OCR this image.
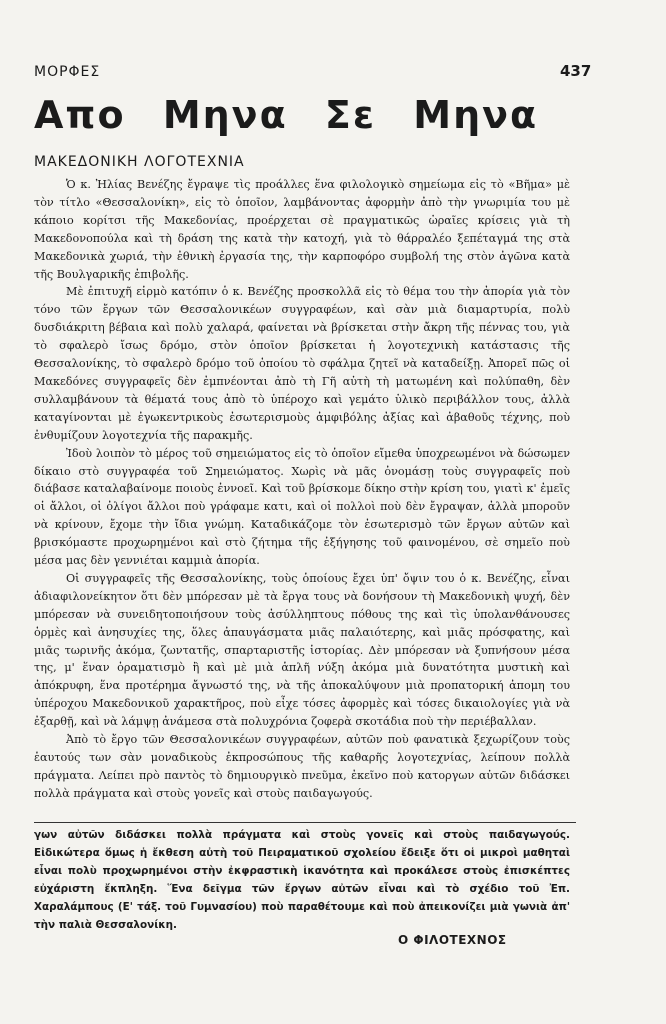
ΜΟΡΦΕΣ	437
Απο Μηνα Σε Μηνα
ΜΑΚΕΔΟΝΙΚΗ ΛΟΓΟΤΕΧΝΙΑ

Ὁ κ. Ἠλίας Βενέζης ἔγραψε τὶς προάλλες ἕνα φιλολογικὸ σημείωμα εἰς τὸ «Βῆμα» μὲ τὸν τίτλο «Θεσσαλονίκη», εἰς τὸ ὁποῖον, λαμβάνοντας ἀφορμὴν ἀπὸ τὴν γνωριμία του μὲ κάποιο κορίτσι τῆς Μακεδονίας, προέρχεται σὲ πραγματικῶς ὡραῖες κρίσεις γιὰ τὴ Μακεδονοπούλα καὶ τὴ δράση της κατὰ τὴν κατοχή, γιὰ τὸ θάρραλέο ξεπέταγμά της στὰ Μακεδονικὰ χωριά, τὴν ἐθνικὴ ἐργασία της, τὴν καρποφόρο συμβολή της στὸν ἀγῶνα κατὰ τῆς Βουλγαρικῆς ἐπιβολῆς.

Μὲ ἐπιτυχῆ εἱρμὸ κατόπιν ὁ κ. Βενέζης προσκολλᾶ εἰς τὸ θέμα του τὴν ἀπορία γιὰ τὸν τόνο τῶν ἔργων τῶν Θεσσαλονικέων συγγραφέων, καὶ σὰν μιὰ διαμαρτυρία, πολὺ δυσδιάκριτη βέβαια καὶ πολὺ χαλαρά, φαίνεται νὰ βρίσκεται στὴν ἄκρη τῆς πέννας του, γιὰ τὸ σφαλερὸ ἴσως δρόμο, στὸν ὁποῖον βρίσκεται ἡ λογοτεχνικὴ κατάστασις τῆς Θεσσαλονίκης, τὸ σφαλερὸ δρόμο τοῦ ὁποίου τὸ σφάλμα ζητεῖ νὰ καταδείξῃ. Ἀπορεῖ πῶς οἱ Μακεδόνες συγγραφεῖς δὲν ἐμπνέονται ἀπὸ τὴ Γῆ αὐτὴ τὴ ματωμένη καὶ πολύπαθη, δὲν συλλαμβάνουν τὰ θέματά τους ἀπὸ τὸ ὑπέροχο καὶ γεμάτο ὑλικὸ περιβάλλον τους, ἀλλὰ καταγίνονται μὲ ἐγωκεντρικοὺς ἐσωτερισμοὺς ἀμφιβόλης ἀξίας καὶ ἀβαθοῦς τέχνης, ποὺ ἐνθυμίζουν λογοτεχνία τῆς παρακμῆς.

Ἰδοὺ λοιπὸν τὸ μέρος τοῦ σημειώματος εἰς τὸ ὁποῖον εἴμεθα ὑποχρεωμένοι νὰ δώσωμεν δίκαιο στὸ συγγραφέα τοῦ Σημειώματος. Χωρὶς νὰ μᾶς ὀνομάσῃ τοὺς συγγραφεῖς ποὺ διάβασε καταλαβαίνομε ποιοὺς ἐννοεῖ. Καὶ τοῦ βρίσκομε δίκηο στὴν κρίση του, γιατὶ κ' ἐμεῖς οἱ ἄλλοι, οἱ ὀλίγοι ἄλλοι ποὺ γράφαμε κατι, καὶ οἱ πολλοὶ ποὺ δὲν ἔγραψαν, ἀλλὰ μποροῦν νὰ κρίνουν, ἔχομε τὴν ἴδια γνώμη. Καταδικάζομε τὸν ἐσωτερισμὸ τῶν ἔργων αὐτῶν καὶ βρισκόμαστε προχωρημένοι καὶ στὸ ζήτημα τῆς ἐξήγησης τοῦ φαινομένου, σὲ σημεῖο ποὺ μέσα μας δὲν γεννιέται καμμιὰ ἀπορία.

Οἱ συγγραφεῖς τῆς Θεσσαλονίκης, τοὺς ὁποίους ἔχει ὑπ' ὄψιν του ὁ κ. Βενέζης, εἶναι ἀδιαφιλονείκητον ὅτι δὲν μπόρεσαν μὲ τὰ ἔργα τους νὰ δονήσουν τὴ Μακεδονικὴ ψυχή, δὲν μπόρεσαν νὰ συνειδητοποιήσουν τοὺς ἀσύλληπτους πόθους της καὶ τὶς ὑπολανθάνουσες ὁρμὲς καὶ ἀνησυχίες της, ὅλες ἀπαυγάσματα μιᾶς παλαιότερης, καὶ μιᾶς πρόσφατης, καὶ μιᾶς τωρινῆς ἀκόμα, ζωντατῆς, σπαρταριστῆς ἱστορίας. Δὲν μπόρεσαν νὰ ξυπνήσουν μέσα της, μ' ἕναν ὁραματισμὸ ἢ καὶ μὲ μιὰ ἁπλῆ νύξη ἀκόμα μιὰ δυνατότητα μυστικὴ καὶ ἀπόκρυφη, ἕνα προτέρημα ἄγνωστό της, νὰ τῆς ἀποκαλύψουν μιὰ προπατορική ἀπομη του ὑπέροχου Μακεδονικοῦ χαρακτῆρος, ποὺ εἶχε τόσες ἀφορμὲς καὶ τόσες δικαιολογίες γιὰ νὰ ἐξαρθῇ, καὶ νὰ λάμψῃ ἀνάμεσα στὰ πολυχρόνια ζοφερὰ σκοτάδια ποὺ τὴν περιέβαλλαν.

Ἀπὸ τὸ ἔργο τῶν Θεσσαλονικέων συγγραφέων, αὐτῶν ποὺ φανατικὰ ξεχωρίζουν τοὺς ἑαυτούς των σὰν μοναδικοὺς ἐκπροσώπους τῆς καθαρῆς λογοτεχνίας, λείπουν πολλὰ πράγματα. Λείπει πρὸ παντὸς τὸ δημιουργικὸ πνεῦμα, ἐκεῖνο ποὺ κατοργων αὐτῶν διδάσκει πολλὰ πράγματα καὶ στοὺς γονεῖς καὶ στοὺς παιδαγωγούς.

γων αὐτῶν διδάσκει πολλὰ πράγματα καὶ στοὺς γονεῖς καὶ στοὺς παιδαγωγούς. Εἰδικώτερα ὅμως ἡ ἔκθεση αὐτὴ τοῦ Πειραματικοῦ σχολείου ἔδειξε ὅτι οἱ μικροὶ μαθηταὶ εἶναι πολὺ προχωρημένοι στὴν ἐκφραστικὴ ἱκανότητα καὶ προκάλεσε στοὺς ἐπισκέπτες εὐχάριστη ἔκπληξη. Ἕνα δεῖγμα τῶν ἔργων αὐτῶν εἶναι καὶ τὸ σχέδιο τοῦ Ἐπ. Χαραλάμπους (Ε' τάξ. τοῦ Γυμνασίου) ποὺ παραθέτουμε καὶ ποὺ ἀπεικονίζει μιὰ γωνιὰ ἀπ' τὴν παλιὰ Θεσσαλονίκη.
Ο ΦΙΛΟΤΕΧΝΟΣ
